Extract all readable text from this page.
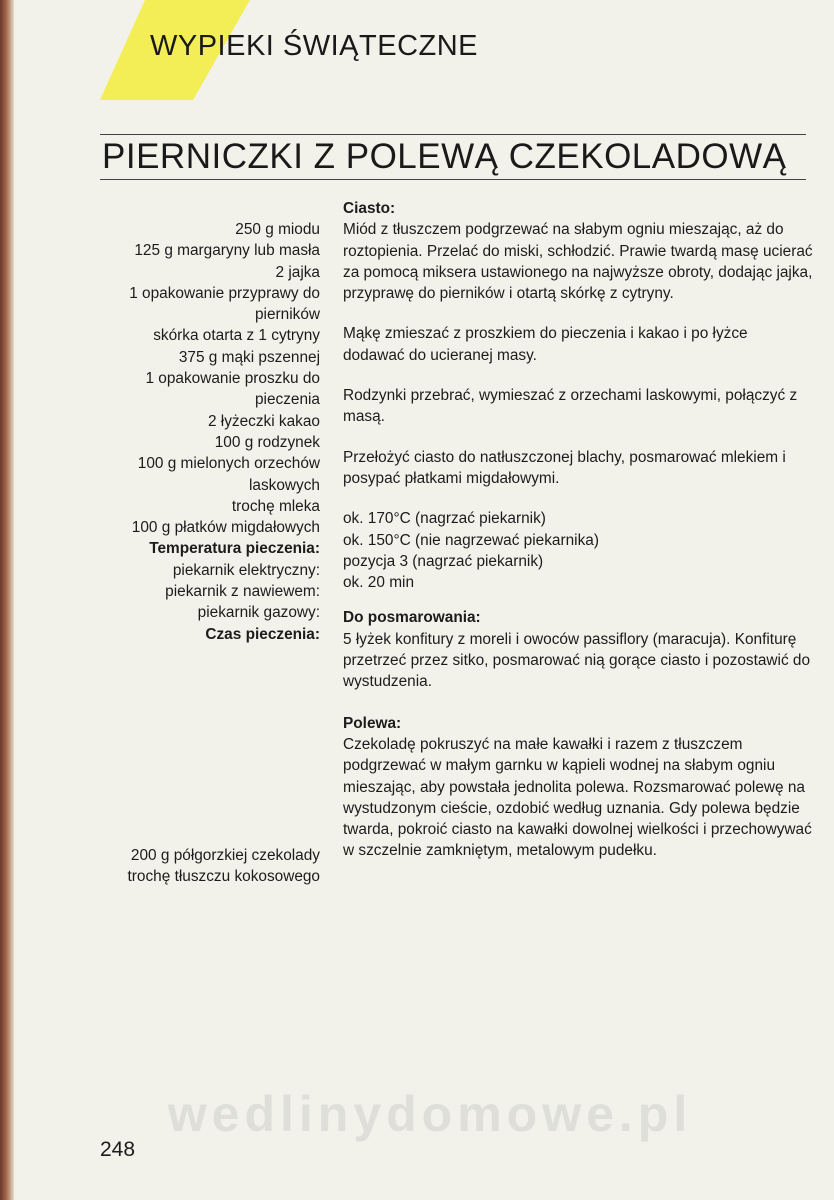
WYPIEKI ŚWIĄTECZNE
PIERNICZKI Z POLEWĄ CZEKOLADOWĄ
250 g miodu
125 g margaryny lub masła
2 jajka
1 opakowanie przyprawy do
pierników
skórka otarta z 1 cytryny
375 g mąki pszennej
1 opakowanie proszku do
pieczenia
2 łyżeczki kakao
100 g rodzynek
100 g mielonych orzechów
laskowych
trochę mleka
100 g płatków migdałowych
Temperatura pieczenia:
piekarnik elektryczny:
piekarnik z nawiewem:
piekarnik gazowy:
Czas pieczenia:
200 g półgorzkiej czekolady
trochę tłuszczu kokosowego
Ciasto:

Miód z tłuszczem podgrzewać na słabym ogniu mieszając, aż do roztopienia. Przelać do miski, schłodzić. Prawie twardą masę ucierać za pomocą miksera ustawionego na najwyższe obroty, dodając jajka, przyprawę do pierników i otartą skórkę z cytryny.

Mąkę zmieszać z proszkiem do pieczenia i kakao i po łyżce dodawać do ucieranej masy.

Rodzynki przebrać, wymieszać z orzechami laskowymi, połączyć z masą.

Przełożyć ciasto do natłuszczonej blachy, posmarować mlekiem i posypać płatkami migdałowymi.

ok. 170°C (nagrzać piekarnik)

ok. 150°C (nie nagrzewać piekarnika)

pozycja 3 (nagrzać piekarnik)

ok. 20 min

Do posmarowania:

5 łyżek konfitury z moreli i owoców passiflory (maracuja). Konfiturę przetrzeć przez sitko, posmarować nią gorące ciasto i pozostawić do wystudzenia.

Polewa:

Czekoladę pokruszyć na małe kawałki i razem z tłuszczem podgrzewać w małym garnku w kąpieli wodnej na słabym ogniu mieszając, aby powstała jednolita polewa. Rozsmarować polewę na wystudzonym cieście, ozdobić według uznania. Gdy polewa będzie twarda, pokroić ciasto na kawałki dowolnej wielkości i przechowywać w szczelnie zamkniętym, metalowym pudełku.

wedlinydomowe.pl
248
